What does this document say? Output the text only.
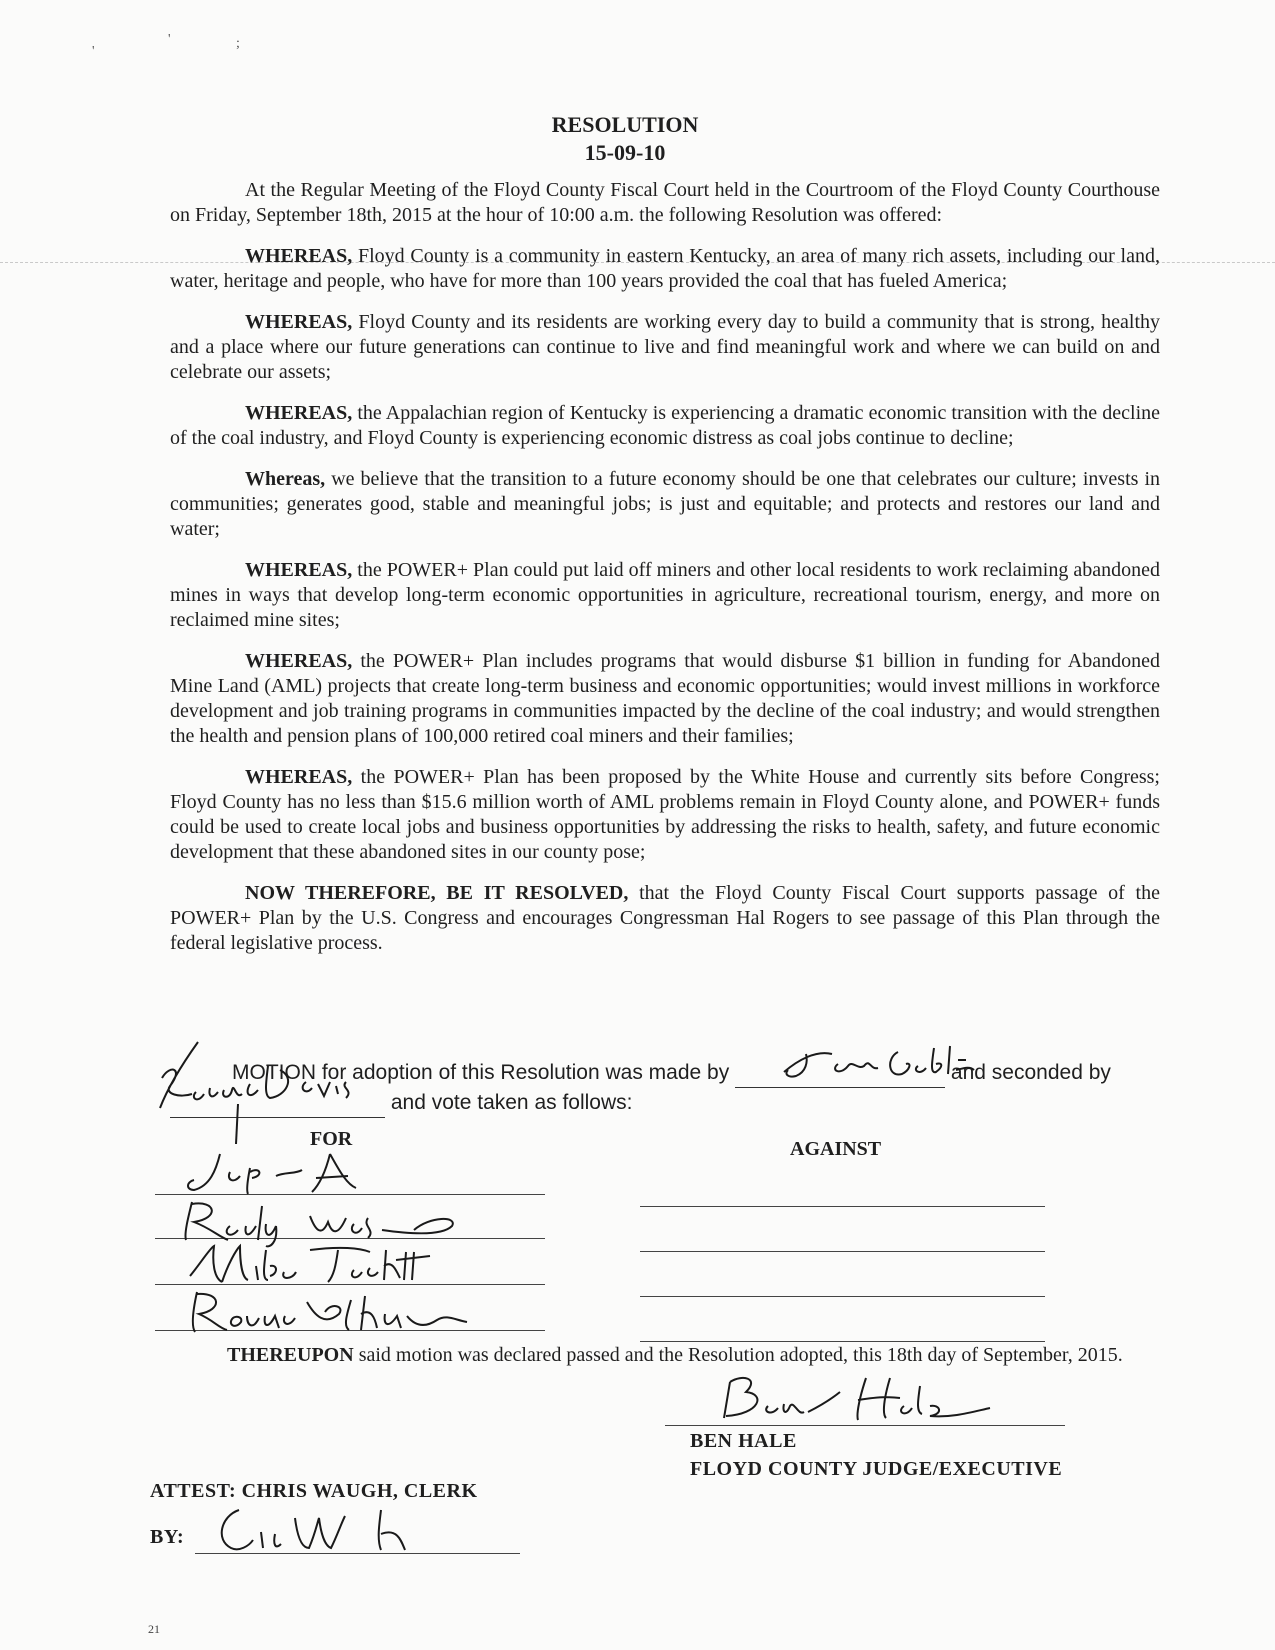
'
'	;
RESOLUTION
15-09-10

At the Regular Meeting of the Floyd County Fiscal Court held in the Courtroom of the Floyd County Courthouse on Friday, September 18th, 2015 at the hour of 10:00 a.m. the following Resolution was offered:

WHEREAS, Floyd County is a community in eastern Kentucky, an area of many rich assets, including our land, water, heritage and people, who have for more than 100 years provided the coal that has fueled America;

WHEREAS, Floyd County and its residents are working every day to build a community that is strong, healthy and a place where our future generations can continue to live and find meaningful work and where we can build on and celebrate our assets;

WHEREAS, the Appalachian region of Kentucky is experiencing a dramatic economic transition with the decline of the coal industry, and Floyd County is experiencing economic distress as coal jobs continue to decline;

Whereas, we believe that the transition to a future economy should be one that celebrates our culture; invests in communities; generates good, stable and meaningful jobs; is just and equitable; and protects and restores our land and water;

WHEREAS, the POWER+ Plan could put laid off miners and other local residents to work reclaiming abandoned mines in ways that develop long-term economic opportunities in agriculture, recreational tourism, energy, and more on reclaimed mine sites;

WHEREAS, the POWER+ Plan includes programs that would disburse $1 billion in funding for Abandoned Mine Land (AML) projects that create long-term business and economic opportunities; would invest millions in workforce development and job training programs in communities impacted by the decline of the coal industry; and would strengthen the health and pension plans of 100,000 retired coal miners and their families;

WHEREAS, the POWER+ Plan has been proposed by the White House and currently sits before Congress; Floyd County has no less than $15.6 million worth of AML problems remain in Floyd County alone, and POWER+ funds could be used to create local jobs and business opportunities by addressing the risks to health, safety, and future economic development that these abandoned sites in our county pose;

NOW THEREFORE, BE IT RESOLVED, that the Floyd County Fiscal Court supports passage of the POWER+ Plan by the U.S. Congress and encourages Congressman Hal Rogers to see passage of this Plan through the federal legislative process.

MOTION for adoption of this Resolution was made by	and seconded by
and vote taken as follows:
FOR	AGAINST
THEREUPON said motion was declared passed and the Resolution adopted, this 18th day of September, 2015.
BEN HALE
FLOYD COUNTY JUDGE/EXECUTIVE
ATTEST: CHRIS WAUGH, CLERK
BY:
21
